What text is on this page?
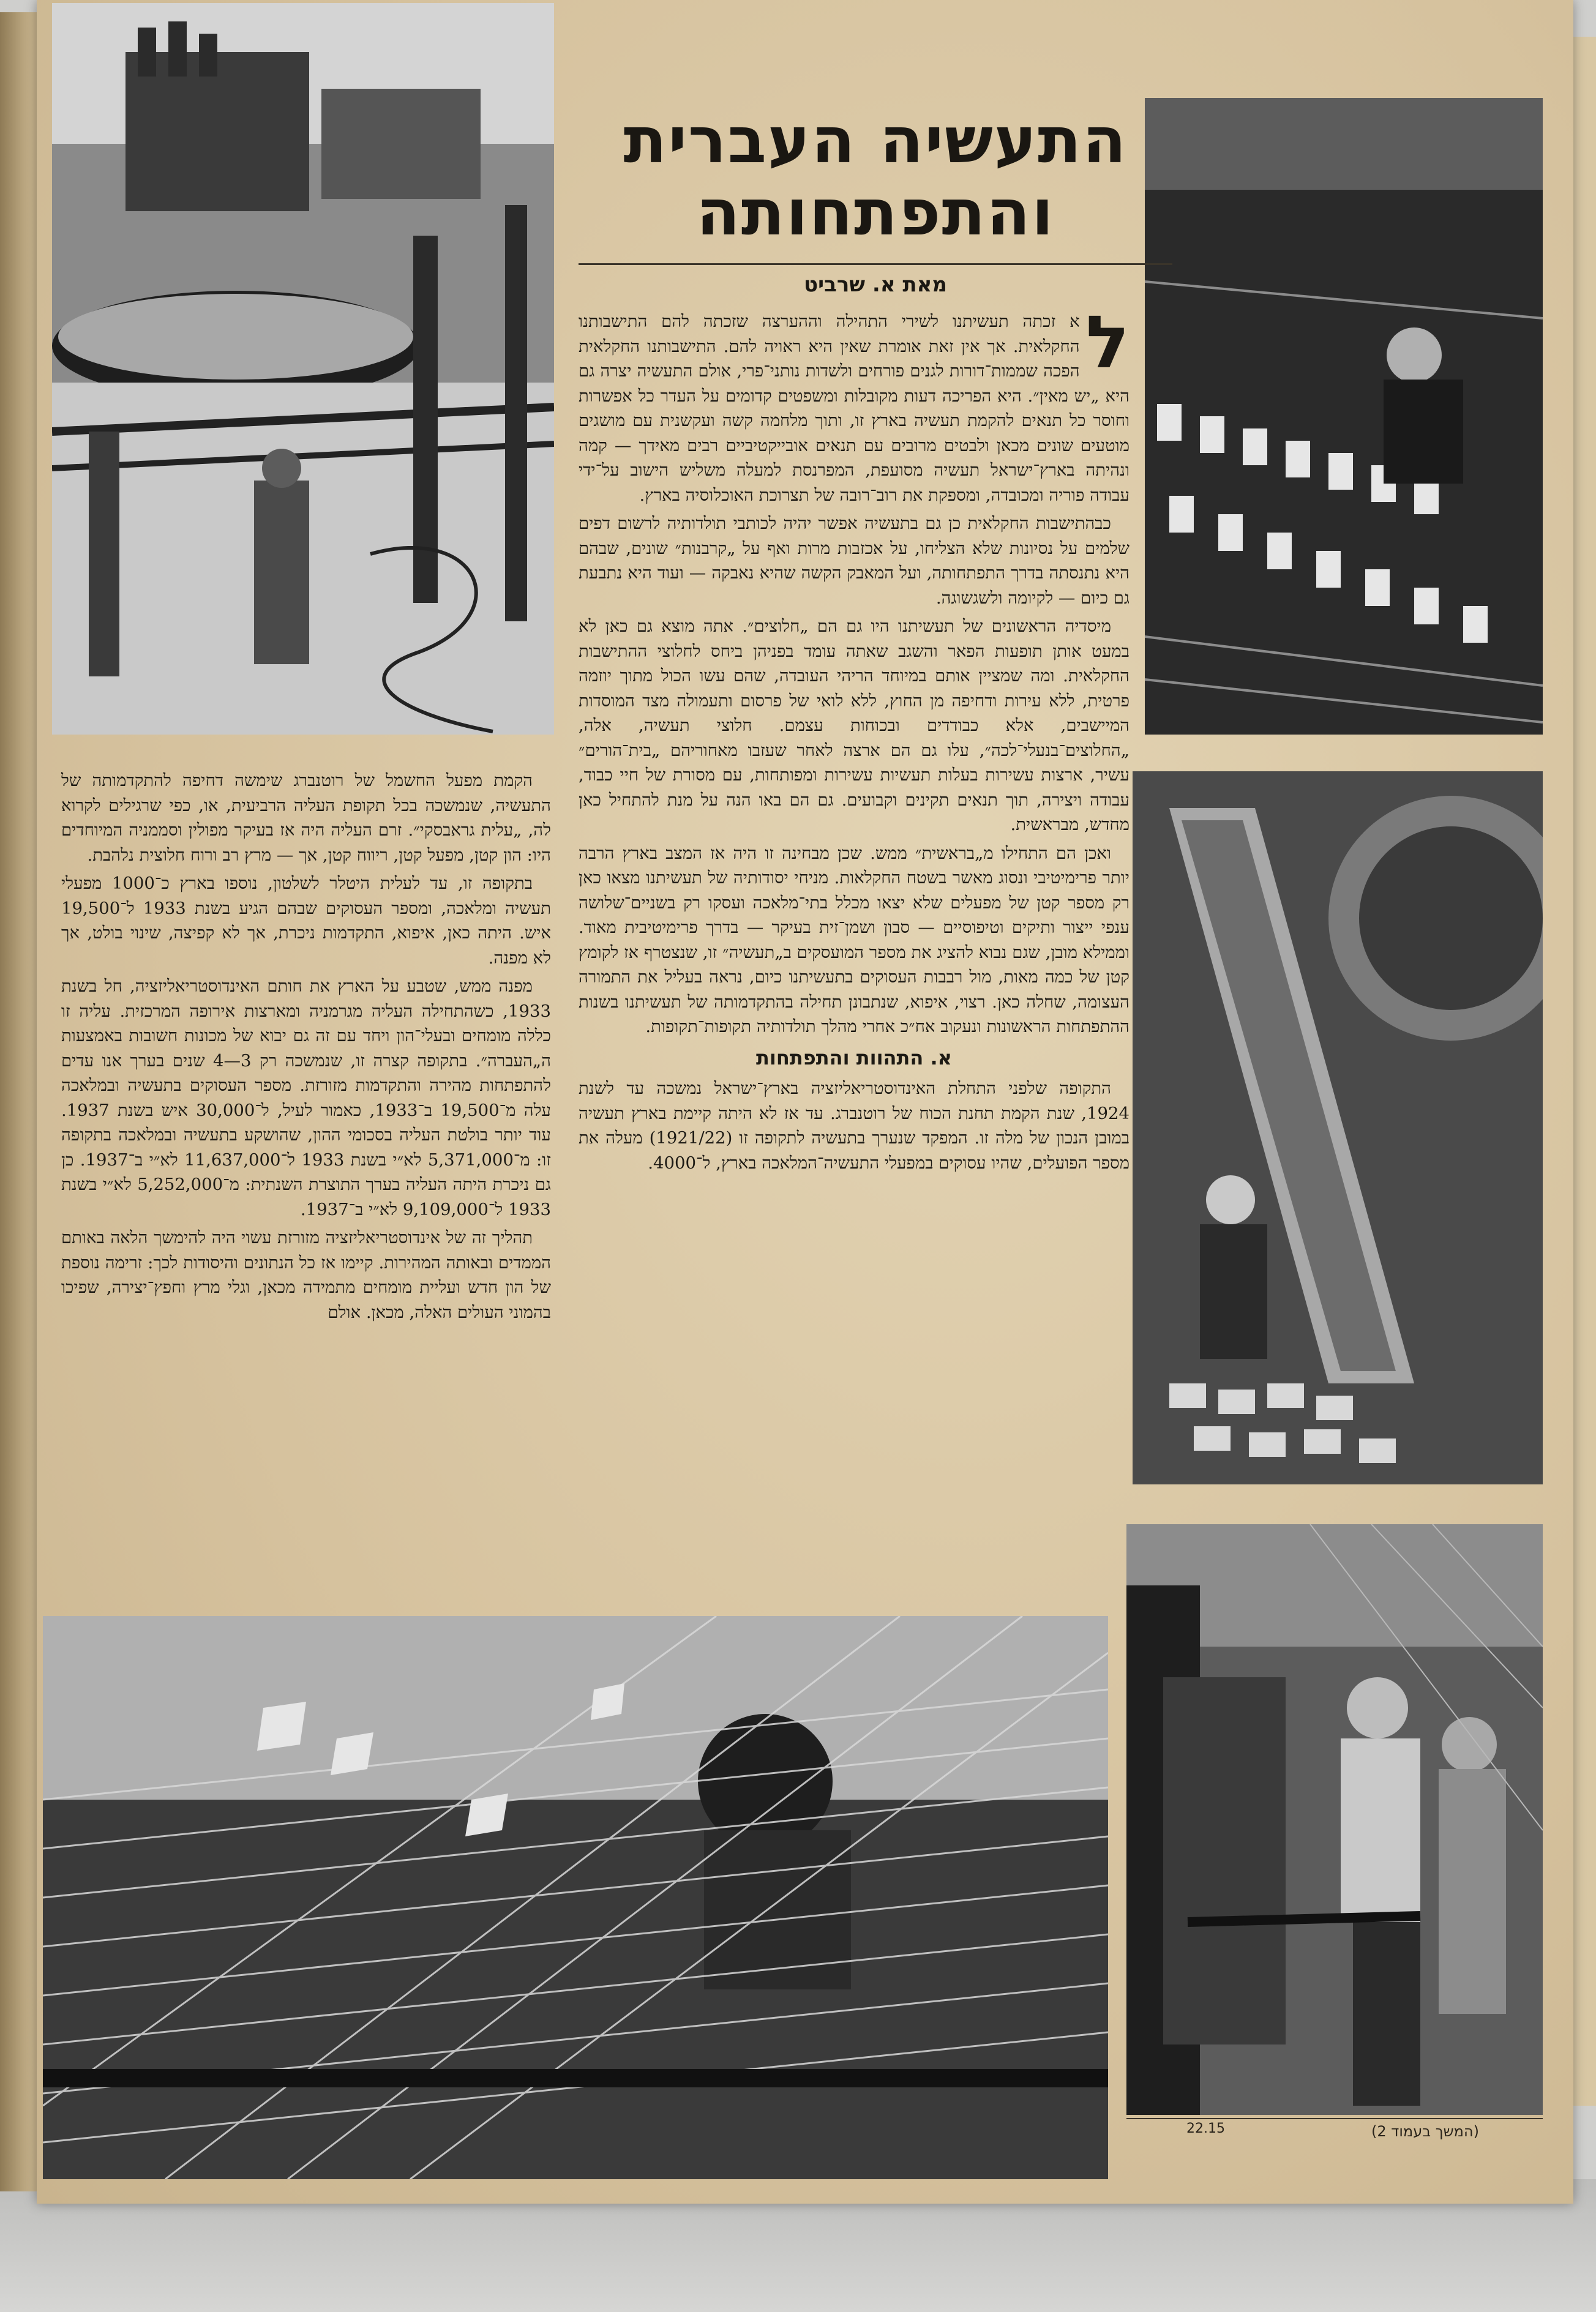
התעשיה העברית
והתפתחותה
מאת א. שרביט

ל
א זכתה תעשיתנו לשירי התהילה וההערצה שזכתה להם התישבותנו החקלאית. אך אין זאת אומרת שאין היא ראויה להם. התישבותנו החקלאית הפכה שממות־דורות לגנים פורחים ולשדות נותני־פרי, אולם התעשיה יצרה גם היא „יש מאין״. היא הפריכה דעות מקובלות ומשפטים קדומים על העדר כל אפשרות וחוסר כל תנאים להקמת תעשיה בארץ זו, ותוך מלחמה קשה ועקשנית עם מושגים מוטעים שונים מכאן ולבטים מרובים עם תנאים אובייקטיביים רבים מאידך — קמה ונהיתה בארץ־ישראל תעשיה מסועפת, המפרנסת למעלה משליש הישוב על־ידי עבודה פוריה ומכובדה, ומספקת את רוב־רובה של תצרוכת האוכלוסיה בארץ.

כבהתישבות החקלאית כן גם בתעשיה אפשר יהיה לכותבי תולדותיה לרשום דפים שלמים על נסיונות שלא הצליחו, על אכזבות מרות ואף על „קרבנות״ שונים, שבהם היא נתנסתה בדרך התפתחותה, ועל המאבק הקשה שהיא נאבקה — ועוד היא נתבעת גם כיום — לקיומה ולשגשוגה.

מיסדיה הראשונים של תעשיתנו היו גם הם „חלוצים״. אתה מוצא גם כאן לא במעט אותן תופעות הפאר והשגב שאתה עומד בפניהן ביחס לחלוצי ההתישבות החקלאית. ומה שמציין אותם במיוחד הריהי העובדה, שהם עשו הכול מתוך יוזמה פרטית, ללא עירות ודחיפה מן החוץ, ללא לואי של פרסום ותעמולה מצד המוסדות המיישבים, אלא כבודדים ובכוחות עצמם. חלוצי תעשיה, אלה, „החלוצים־בנעלי־לכה״, עלו גם הם ארצה לאחר שעזבו מאחוריהם „בית־הורים״ עשיר, ארצות עשירות בעלות תעשיות עשירות ומפותחות, עם מסורת של חיי כבוד, עבודה ויצירה, תוך תנאים תקינים וקבועים. גם הם באו הנה על מנת להתחיל כאן מחדש, מבראשית.

ואכן הם התחילו מ„בראשית״ ממש. שכן מבחינה זו היה אז המצב בארץ הרבה יותר פרימיטיבי ונסוג מאשר בשטח החקלאות. מניחי יסודותיה של תעשיתנו מצאו כאן רק מספר קטן של מפעלים שלא יצאו מכלל בתי־מלאכה ועסקו רק בשניים־שלושה ענפי ייצור ותיקים וטיפוסיים — סבון ושמן־זית בעיקר — בדרך פרימיטיבית מאוד. וממילא מובן, שגם נבוא להציג את מספר המועסקים ב„תעשיה״ זו, שנצטרף אז לקומץ קטן של כמה מאות, מול רבבות העסוקים בתעשיתנו כיום, נראה בעליל את התמורה העצומה, שחלה כאן. רצוי, איפוא, שנתבונן תחילה בהתקדמותה של תעשיתנו בשנות ההתפתחות הראשונות ונעקוב אח״כ אחרי מהלך תולדותיה תקופות־תקופות.

א. התהוות והתפתחות

התקופה שלפני התחלת האינדוסטריאליזציה בארץ־ישראל נמשכה עד לשנת 1924, שנת הקמת תחנת הכוח של רוטנברג. עד אז לא היתה קיימת בארץ תעשיה במובן הנכון של מלה זו. המפקד שנערך בתעשיה לתקופה זו (1921/22) מעלה את מספר הפועלים, שהיו עסוקים במפעלי התעשיה־המלאכה בארץ, ל־4000.

הקמת מפעל החשמל של רוטנברג שימשה דחיפה להתקדמותה של התעשיה, שנמשכה בכל תקופת העליה הרביעית, או, כפי שרגילים לקרוא לה, „עלית גראבסקי״. זרם העליה היה אז בעיקר מפולין וסממניה המיוחדים היו: הון קטן, מפעל קטן, ריווח קטן, אך — מרץ רב ורוח חלוצית נלהבת.

בתקופה זו, עד לעלית היטלר לשלטון, נוספו בארץ כ־1000 מפעלי תעשיה ומלאכה, ומספר העסוקים שבהם הגיע בשנת 1933 ל־19,500 איש. היתה כאן, איפוא, התקדמות ניכרת, אך לא קפיצה, שינוי בולט, אך לא מפנה.

מפנה ממש, שטבע על הארץ את חותם האינדוסטריאליזציה, חל בשנת 1933, כשהתחילה העליה מגרמניה ומארצות אירופה המרכזית. עליה זו כללה מומחים ובעלי־הון ויחד עם זה גם יבוא של מכונות חשובות באמצעות ה„העברה״. בתקופה קצרה זו, שנמשכה רק 3—4 שנים בערך אנו עדים להתפתחות מהירה והתקדמות מזורזת. מספר העסוקים בתעשיה ובמלאכה עלה מ־19,500 ב־1933, כאמור לעיל, ל־30,000 איש בשנת 1937. עוד יותר בולטת העליה בסכומי ההון, שהושקע בתעשיה ובמלאכה בתקופה זו: מ־5,371,000 לא״י בשנת 1933 ל־11,637,000 לא״י ב־1937. כן גם ניכרת היתה העליה בערך התוצרת השנתית: מ־5,252,000 לא״י בשנת 1933 ל־9,109,000 לא״י ב־1937.

תהליך זה של אינדוסטריאליזציה מזורזת עשוי היה להימשך הלאה באותם הממדים ובאותה המהירות. קיימו אז כל הנתונים והיסודות לכך: זרימה נוספת של הון חדש ועליית מומחים מתמידה מכאן, וגלי מרץ וחפץ־יצירה, שפיכו בהמוני העולים האלה, מכאן. אולם

22.15	(המשך בעמוד 2)
